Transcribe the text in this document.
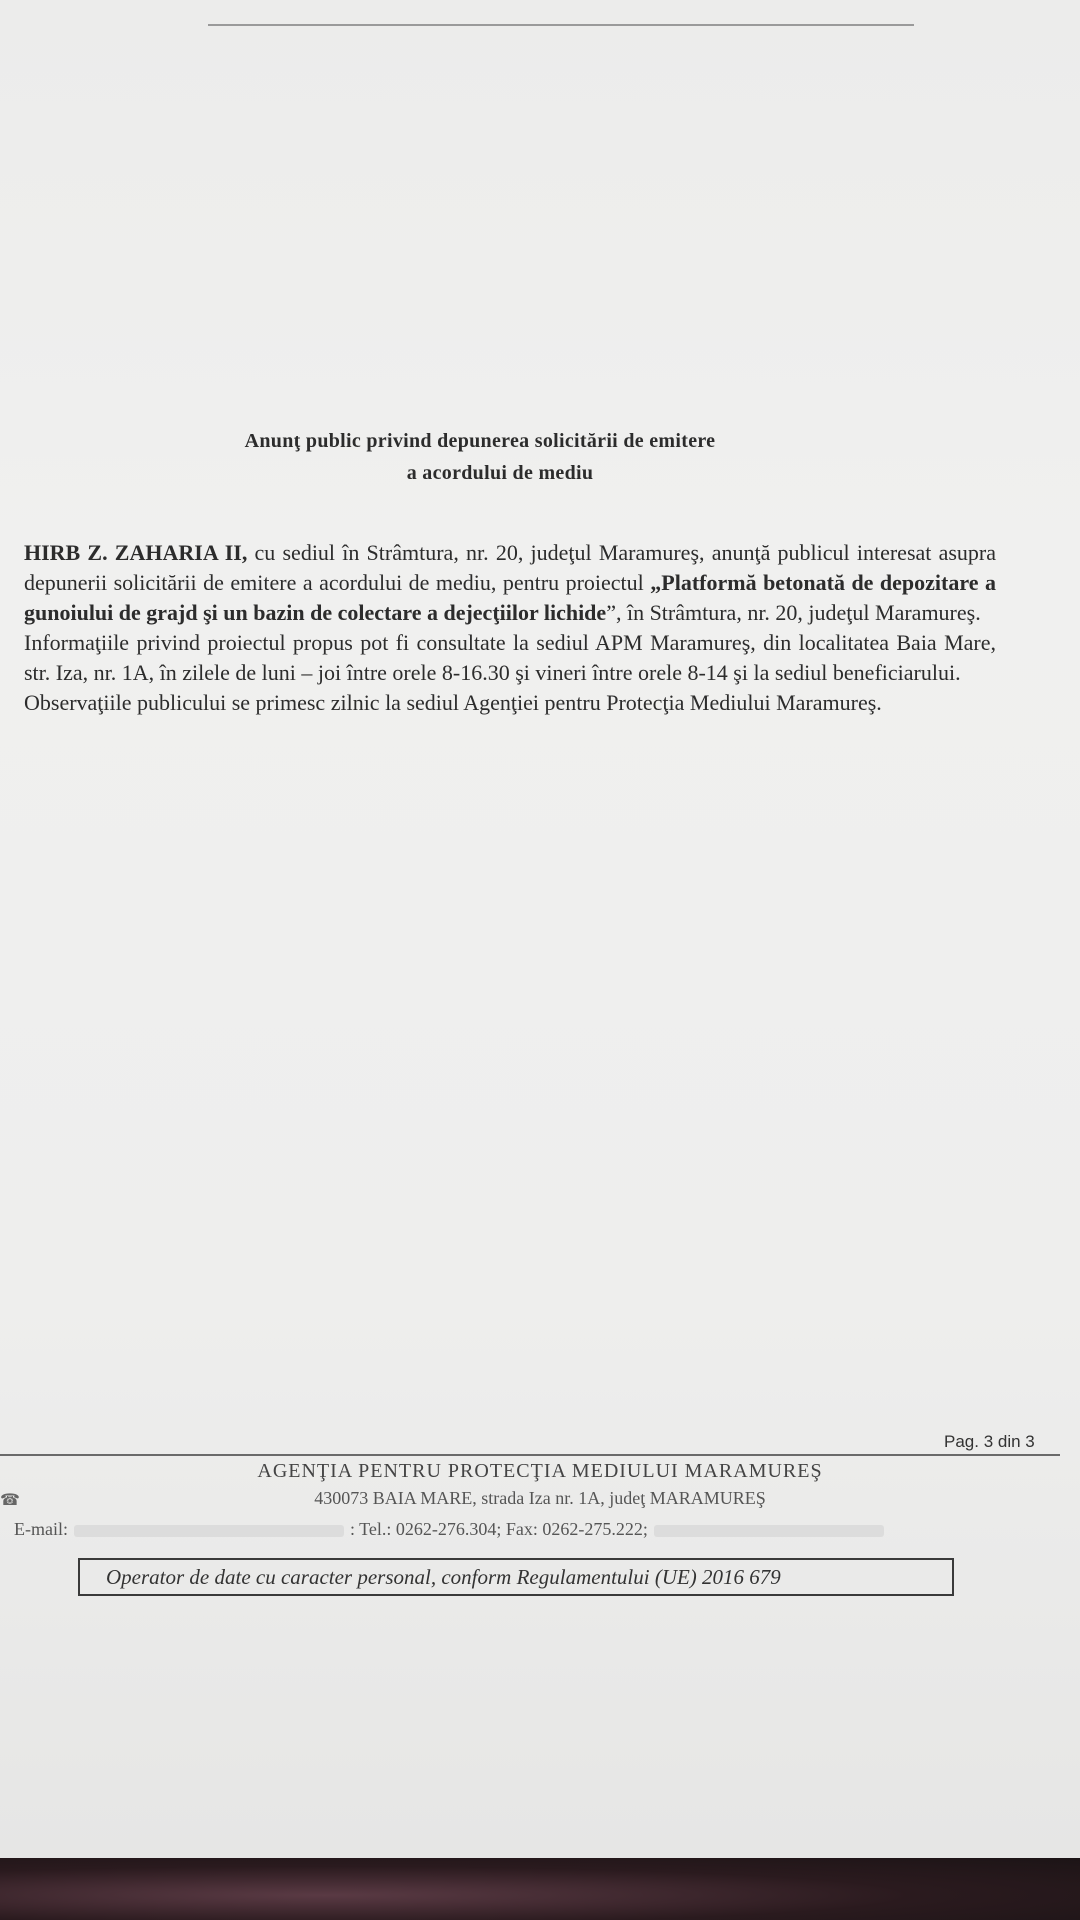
Anunţ public privind depunerea solicitării de emitere
a acordului de mediu

HIRB Z. ZAHARIA II, cu sediul în Strâmtura, nr. 20, judeţul Maramureş, anunţă publicul interesat asupra depunerii solicitării de emitere a acordului de mediu, pentru proiectul „Platformă betonată de depozitare a gunoiului de grajd şi un bazin de colectare a dejecţiilor lichide”, în Strâmtura, nr. 20, judeţul Maramureş.

Informaţiile privind proiectul propus pot fi consultate la sediul APM Maramureş, din localitatea Baia Mare, str. Iza, nr. 1A, în zilele de luni – joi între orele 8-16.30 şi vineri între orele 8-14 şi la sediul beneficiarului.

Observaţiile publicului se primesc zilnic la sediul Agenţiei pentru Protecţia Mediului Maramureş.

Pag. 3 din 3
☎
AGENŢIA PENTRU PROTECŢIA MEDIULUI MARAMUREŞ
430073 BAIA MARE, strada Iza nr. 1A, judeţ MARAMUREŞ
E-mail:	: Tel.: 0262-276.304; Fax: 0262-275.222;
Operator de date cu caracter personal, conform Regulamentului (UE) 2016 679
